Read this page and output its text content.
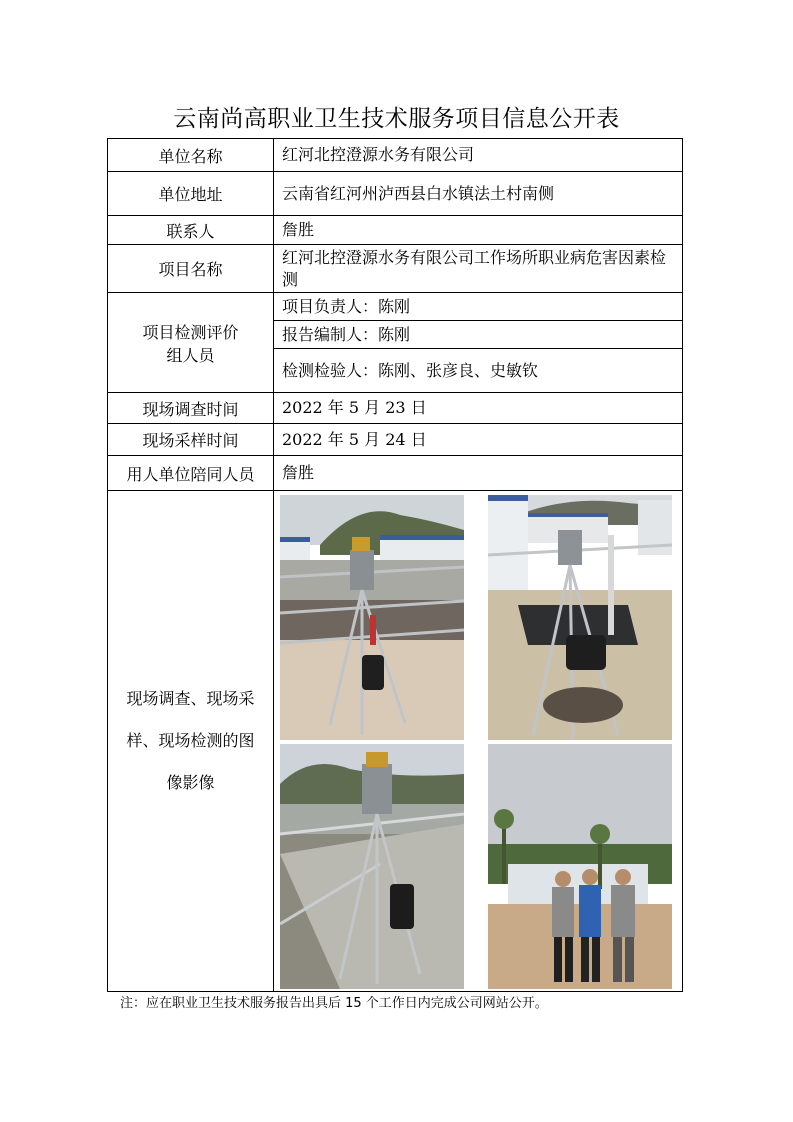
云南尚高职业卫生技术服务项目信息公开表
单位名称	红河北控澄源水务有限公司
单位地址	云南省红河州泸西县白水镇法土村南侧
联系人	詹胜
项目名称	红河北控澄源水务有限公司工作场所职业病危害因素检测

项目检测评价
组人员	项目负责人：陈刚
	报告编制人：陈刚
	检测检验人：陈刚、张彦良、史敏钦
现场调查时间	2022 年 5 月 23 日
现场采样时间	2022 年 5 月 24 日
用人单位陪同人员	詹胜

现场调查、现场采
样、现场检测的图
像影像

注：应在职业卫生技术服务报告出具后 15 个工作日内完成公司网站公开。
